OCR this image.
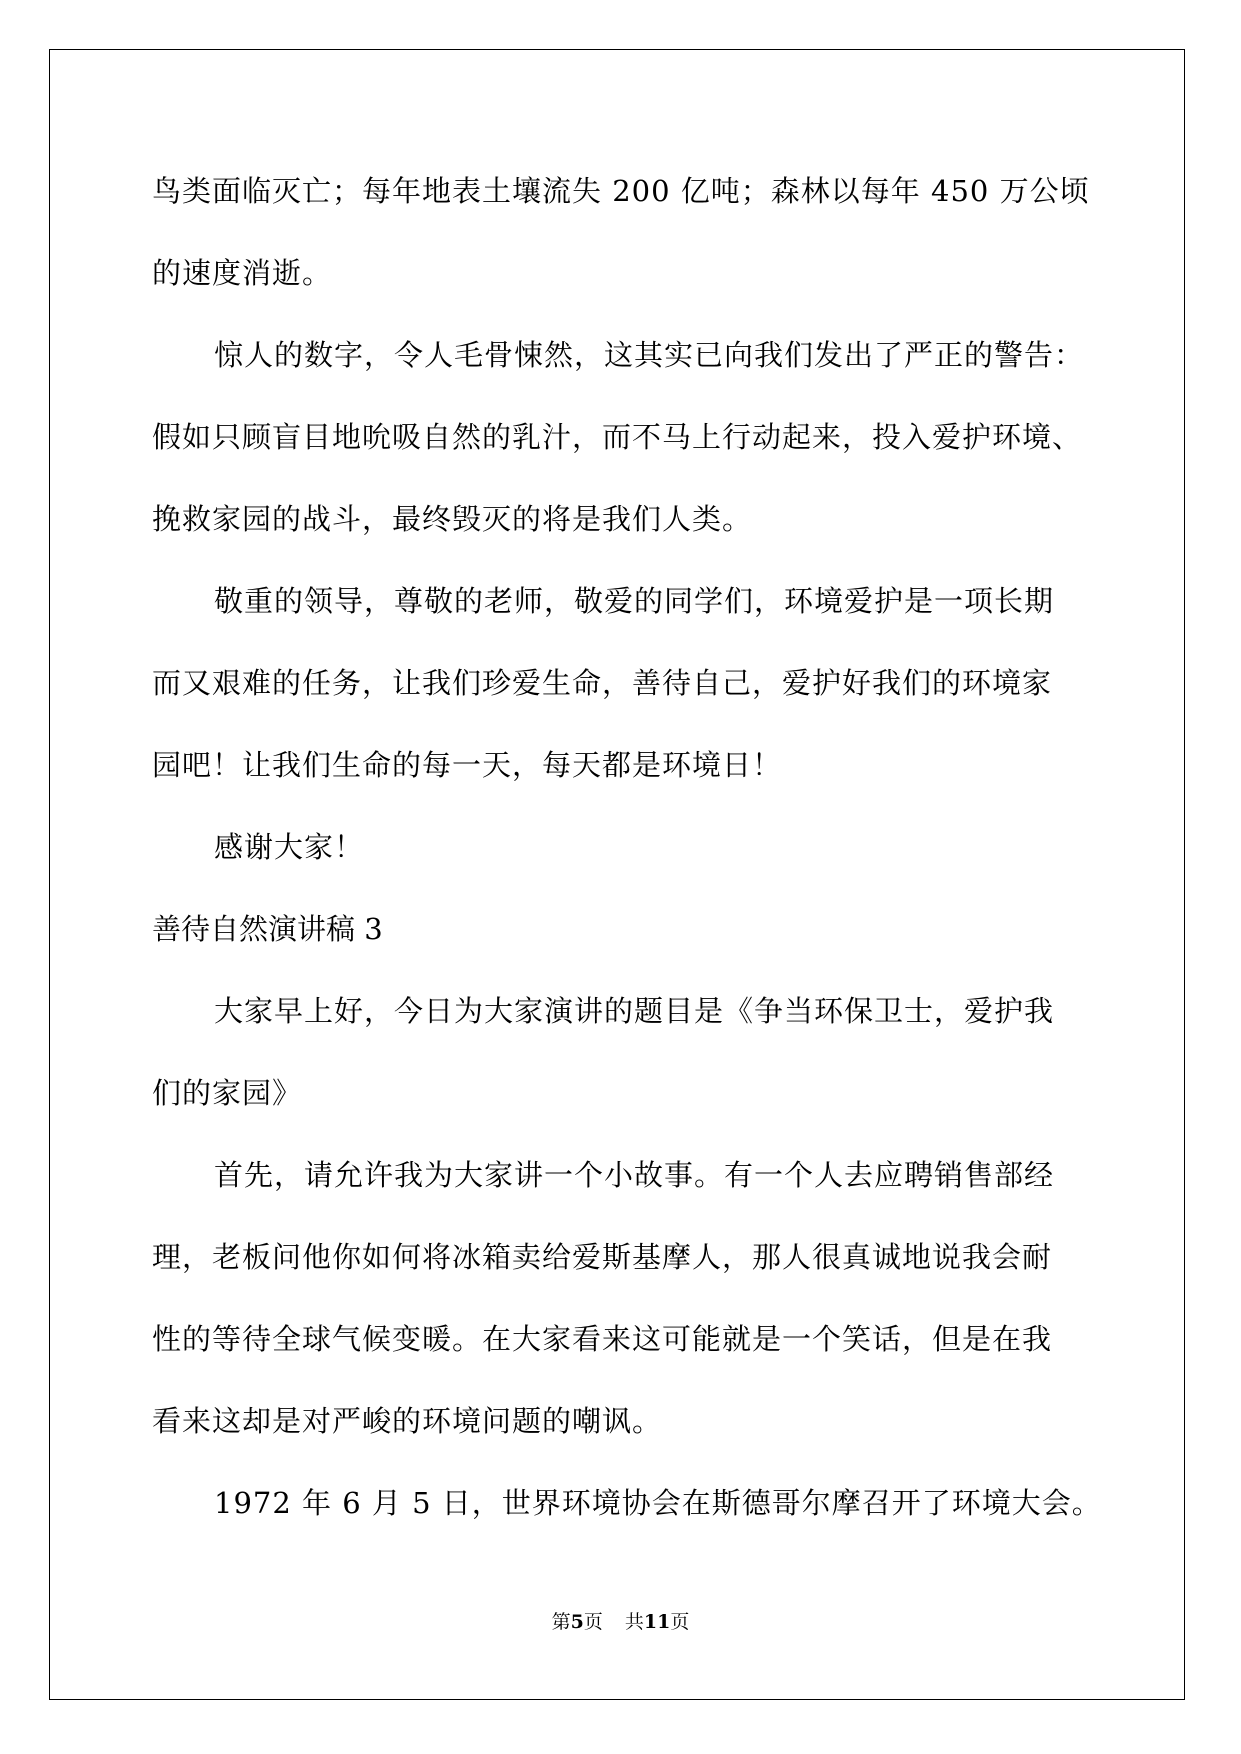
鸟类面临灭亡；每年地表土壤流失 200 亿吨；森林以每年 450 万公顷
的速度消逝。
惊人的数字，令人毛骨悚然，这其实已向我们发出了严正的警告：
假如只顾盲目地吮吸自然的乳汁，而不马上行动起来，投入爱护环境、
挽救家园的战斗，最终毁灭的将是我们人类。
敬重的领导，尊敬的老师，敬爱的同学们，环境爱护是一项长期
而又艰难的任务，让我们珍爱生命，善待自己，爱护好我们的环境家
园吧！让我们生命的每一天，每天都是环境日！
感谢大家！
善待自然演讲稿 3
大家早上好，今日为大家演讲的题目是《争当环保卫士，爱护我
们的家园》
首先，请允许我为大家讲一个小故事。有一个人去应聘销售部经
理，老板问他你如何将冰箱卖给爱斯基摩人，那人很真诚地说我会耐
性的等待全球气候变暖。在大家看来这可能就是一个笑话，但是在我
看来这却是对严峻的环境问题的嘲讽。
1972 年 6 月 5 日，世界环境协会在斯德哥尔摩召开了环境大会。
第5页 共11页
